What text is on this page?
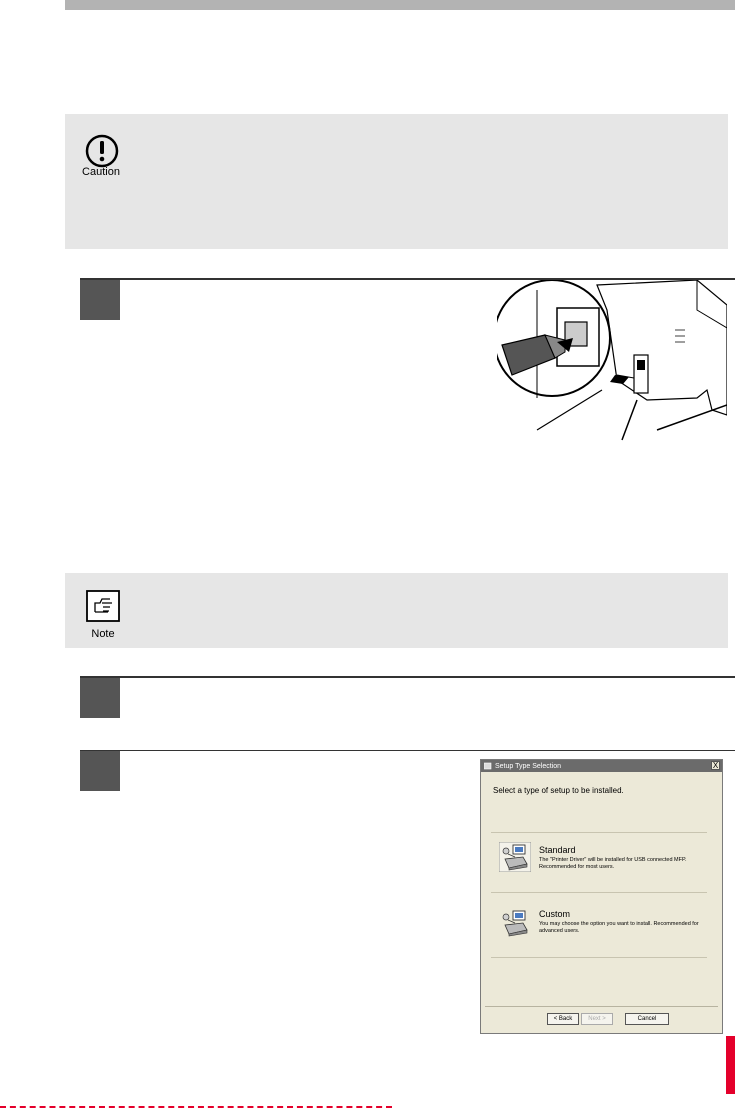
Caution
Note
Setup Type Selection	X
Select a type of setup to be installed.
Standard
The "Printer Driver" will be installed for USB connected MFP. Recommended for most users.
Custom
You may choose the option you want to install. Recommended for advanced users.
< Back	Next >	Cancel
